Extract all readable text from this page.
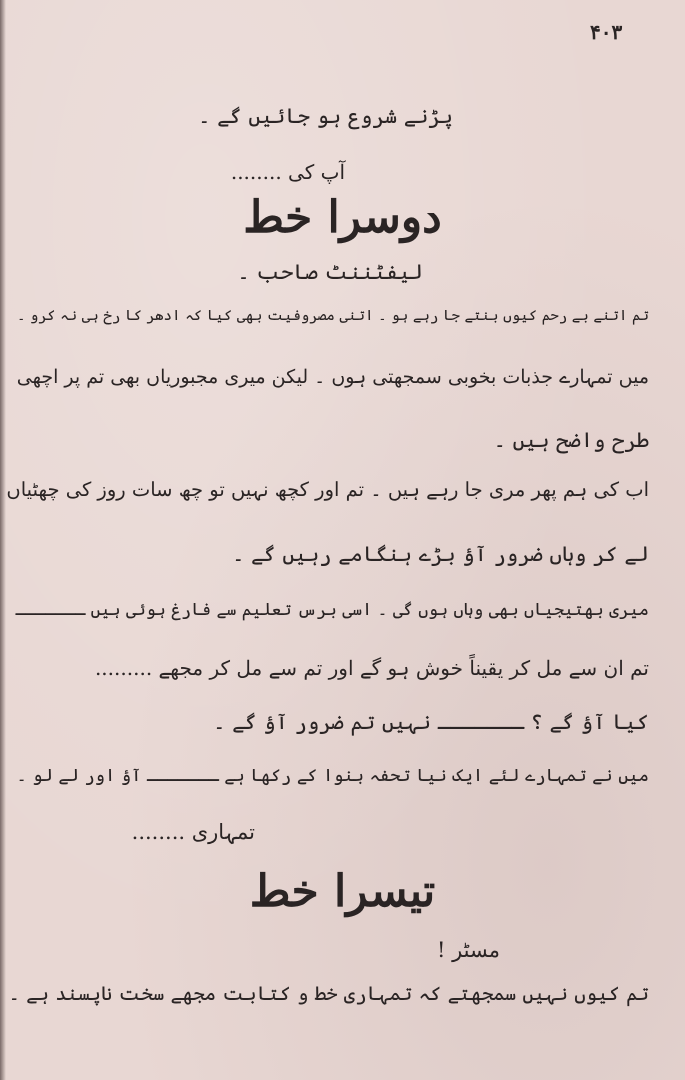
۴۰۳
پڑنے شروع ہو جائیں گے ۔
آپ کی ........
دوسرا خط
لیفٹننٹ صاحب ۔
تم اتنے بے رحم کیوں بنتے جا رہے ہو ۔ اتنی مصروفیت بھی کیا کہ ادھر کا رخ ہی نہ کرو ۔
میں تمہارے جذبات بخوبی سمجھتی ہوں ۔ لیکن میری مجبوریاں بھی تم پر اچھی
طرح واضح ہیں ۔
اب کی ہم پھر مری جا رہے ہیں ۔ تم اور کچھ نہیں تو چھ سات روز کی چھٹیاں
لے کر وہاں ضرور آؤ بڑے ہنگامے رہیں گے ۔
میری بھتیجیاں بھی وہاں ہوں گی ۔ اسی برس تعلیم سے فارغ ہوئی ہیں ـــــــ
تم ان سے مل کر یقیناً خوش ہو گے اور تم سے مل کر مجھے .........
کیا آؤ گے ؟ ـــــــ نہیں تم ضرور آؤ گے ۔
میں نے تمہارے لئے ایک نیا تحفہ بنوا کے رکھا ہے ـــــــ آؤ اور لے لو ۔
تمہاری ........
تیسرا خط
مسٹر !
تم کیوں نہیں سمجھتے کہ تمہاری خط و کتابت مجھے سخت ناپسند ہے ۔
